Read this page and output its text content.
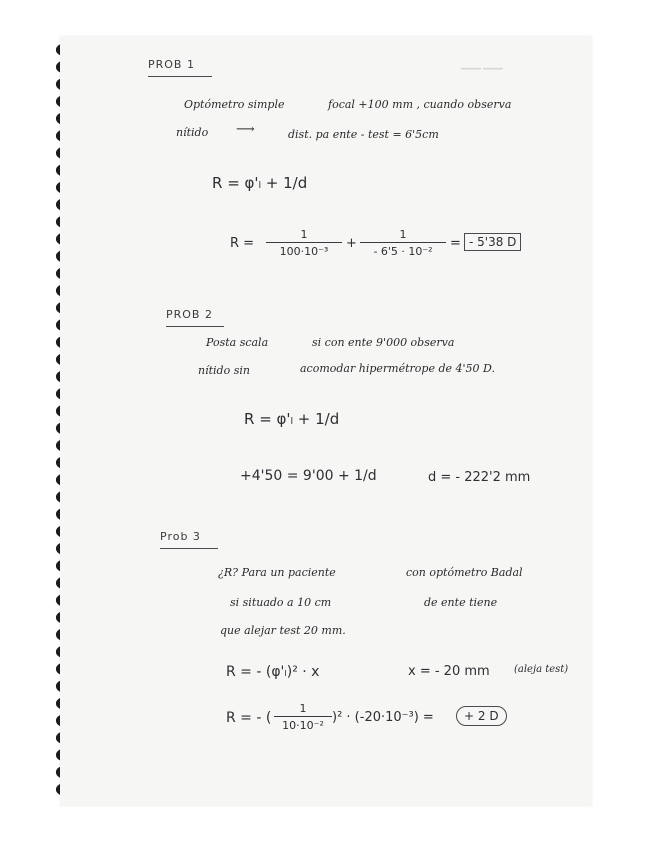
——
PROB 1
Optómetro simple	focal +100 mm , cuando observa
nítido ⟶	dist. pa ente - test = 6'5cm
R = φ'ₗ + 1/d
$R = \frac{1}{\text{100·10⁻³}} + \frac{1}{\text{- 6'5 · 10⁻²}}$ = - 5'38 D
PROB 2
Posta scala	si con ente 9'000 observa
nítido sin	acomodar hipermétrope de 4'50 D.
R = φ'ₗ + 1/d
+4'50 = 9'00 + 1/d	d = - 222'2 mm
Prob 3
¿R? Para un paciente	con optómetro Badal
si situado a 10 cm	de ente tiene
que alejar test 20 mm.
R = - (φ'ₗ)² · x	x = - 20 mm (aleja test)
R = - ( $\frac{1}{\text{10·10⁻²}} )^2 \cdot (-20\cdot 10^{-3})$ =	+ 2 D
